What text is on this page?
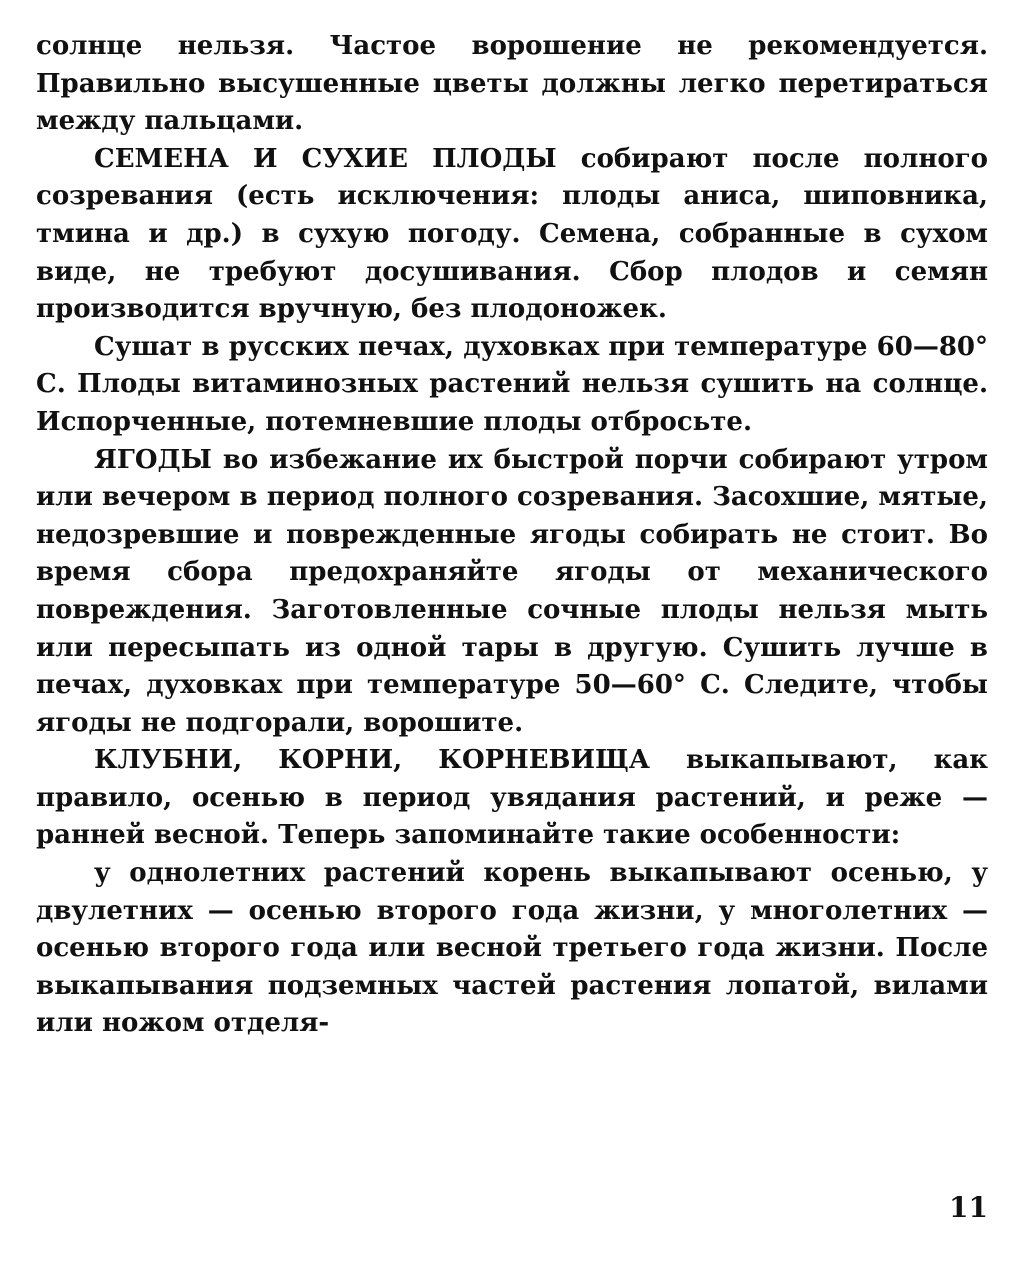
солнце нельзя. Частое ворошение не рекомендуется. Правильно высушенные цветы должны легко перетираться между пальцами.

СЕМЕНА И СУХИЕ ПЛОДЫ собирают после полного созревания (есть исключения: плоды аниса, шиповника, тмина и др.) в сухую погоду. Семена, собранные в сухом виде, не требуют досушивания. Сбор плодов и семян производится вручную, без плодоножек.

Сушат в русских печах, духовках при температуре 60—80° С. Плоды витаминозных растений нельзя сушить на солнце. Испорченные, потемневшие плоды отбросьте.

ЯГОДЫ во избежание их быстрой порчи собирают утром или вечером в период полного созревания. Засохшие, мятые, недозревшие и поврежденные ягоды собирать не стоит. Во время сбора предохраняйте ягоды от механического повреждения. Заготовленные сочные плоды нельзя мыть или пересыпать из одной тары в другую. Сушить лучше в печах, духовках при температуре 50—60° С. Следите, чтобы ягоды не подгорали, ворошите.

КЛУБНИ, КОРНИ, КОРНЕВИЩА выкапывают, как правило, осенью в период увядания растений, и реже — ранней весной. Теперь запоминайте такие особенности:

у однолетних растений корень выкапывают осенью, у двулетних — осенью второго года жизни, у многолетних — осенью второго года или весной третьего года жизни. После выкапывания подземных частей растения лопатой, вилами или ножом отделя-

11
